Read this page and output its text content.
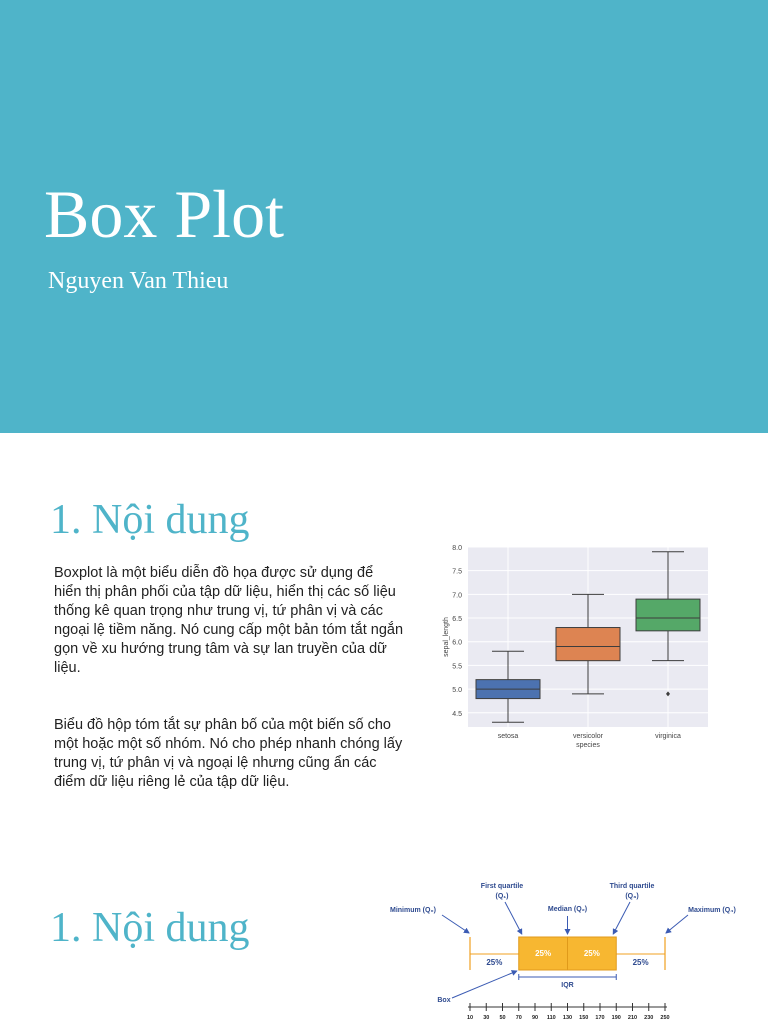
Box Plot

Nguyen Van Thieu

1. Nội dung

Boxplot là một biểu diễn đồ họa được sử dụng để hiển thị phân phối của tập dữ liệu, hiển thị các số liệu thống kê quan trọng như trung vị, tứ phân vị và các ngoại lệ tiềm năng. Nó cung cấp một bản tóm tắt ngắn gọn về xu hướng trung tâm và sự lan truyền của dữ liệu.

Biểu đồ hộp tóm tắt sự phân bố của một biến số cho một hoặc một số nhóm. Nó cho phép nhanh chóng lấy trung vị, tứ phân vị và ngoại lệ nhưng cũng ẩn các điểm dữ liệu riêng lẻ của tập dữ liệu.

4.5
5.0
5.5
6.0
6.5
7.0
7.5
8.0
setosa	versicolor	virginica
species
sepal_length
1. Nội dung
25%	25%
25%	25%
IQR
Minimum (Q₀)
First quartile
(Q₁)
Median (Q₂)
Third quartile
(Q₃)
Maximum (Q₄)
Box
10 30 50 70 90 110 130 150 170 190 210 230 250
